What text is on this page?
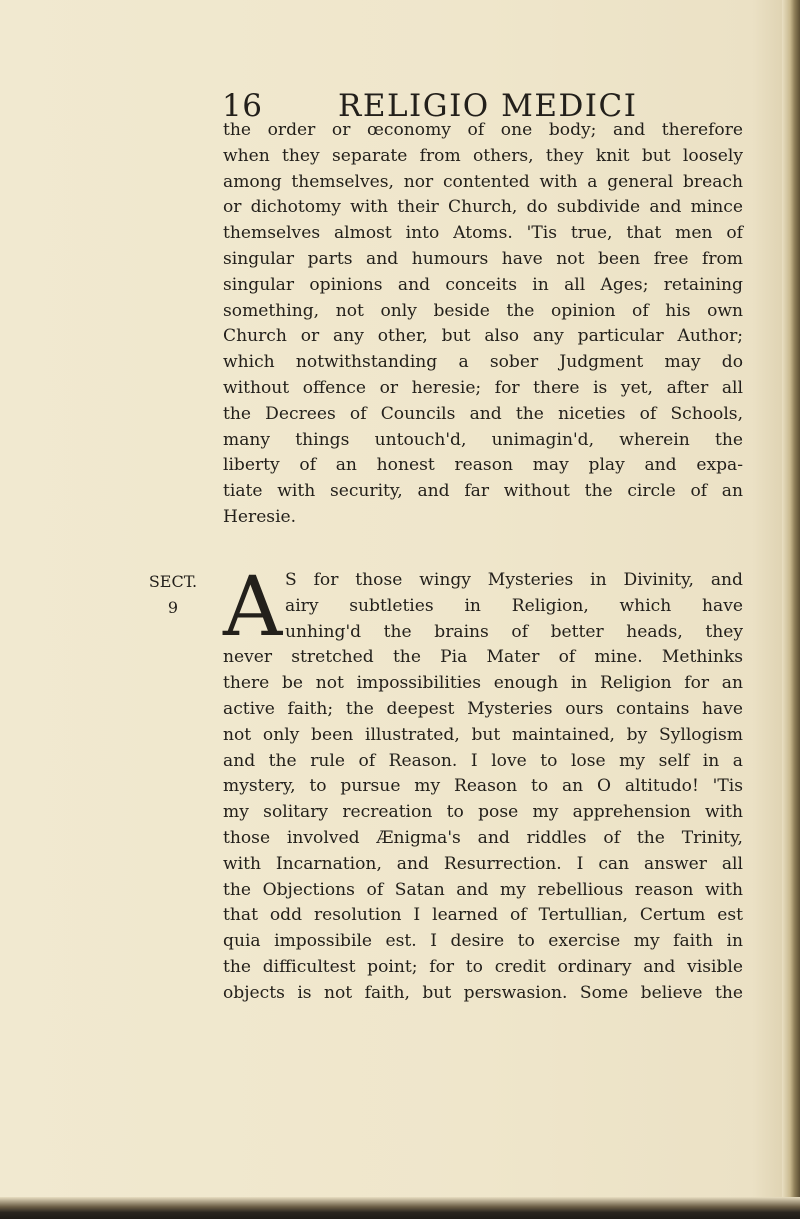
16 RELIGIO MEDICI
the order or œconomy of one body; and therefore
when they separate from others, they knit but loosely
among themselves, nor contented with a general breach
or dichotomy with their Church, do subdivide and mince
themselves almost into Atoms. 'Tis true, that men of
singular parts and humours have not been free from
singular opinions and conceits in all Ages; retaining
something, not only beside the opinion of his own
Church or any other, but also any particular Author;
which notwithstanding a sober Judgment may do
without offence or heresie; for there is yet, after all
the Decrees of Councils and the niceties of Schools,
many things untouch'd, unimagin'd, wherein the
liberty of an honest reason may play and expa-
tiate with security, and far without the circle of an
Heresie.
SECT.
9 A S for those wingy Mysteries in Divinity, and
airy subtleties in Religion, which have
unhing'd the brains of better heads, they
never stretched the Pia Mater of mine. Methinks
there be not impossibilities enough in Religion for an
active faith; the deepest Mysteries ours contains have
not only been illustrated, but maintained, by Syllogism
and the rule of Reason. I love to lose my self in a
mystery, to pursue my Reason to an O altitudo! 'Tis
my solitary recreation to pose my apprehension with
those involved Ænigma's and riddles of the Trinity,
with Incarnation, and Resurrection. I can answer all
the Objections of Satan and my rebellious reason with
that odd resolution I learned of Tertullian, Certum est
quia impossibile est. I desire to exercise my faith in
the difficultest point; for to credit ordinary and visible
objects is not faith, but perswasion. Some believe the
